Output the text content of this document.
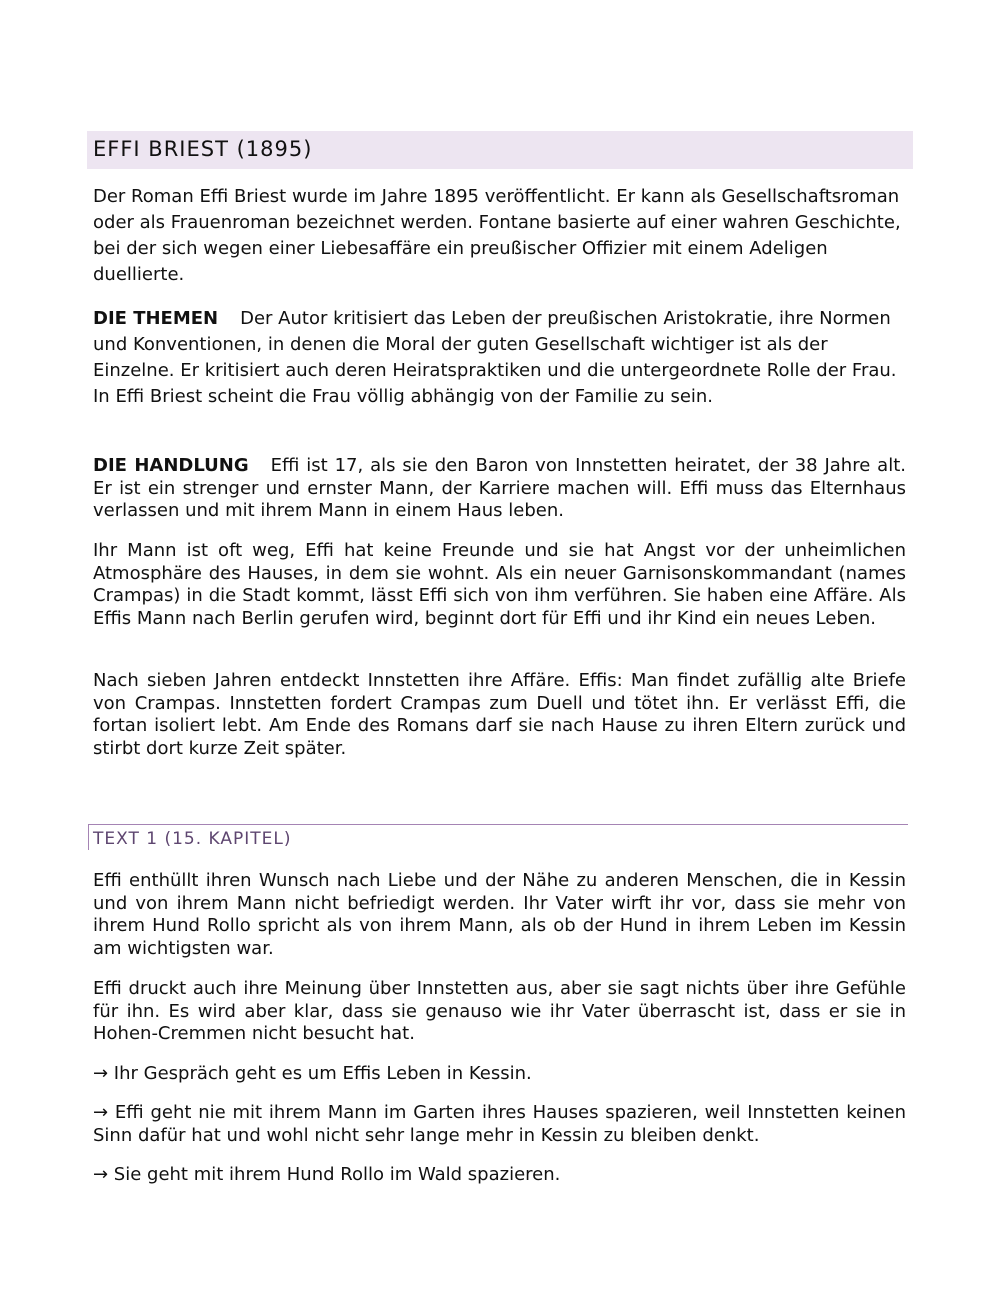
EFFI BRIEST (1895)

Der Roman Effi Briest wurde im Jahre 1895 veröffentlicht. Er kann als Gesellschaftsroman oder als Frauenroman bezeichnet werden. Fontane basierte auf einer wahren Geschichte, bei der sich wegen einer Liebesaffäre ein preußischer Offizier mit einem Adeligen duellierte.

DIE THEMEN Der Autor kritisiert das Leben der preußischen Aristokratie, ihre Normen und Konventionen, in denen die Moral der guten Gesellschaft wichtiger ist als der Einzelne. Er kritisiert auch deren Heiratspraktiken und die untergeordnete Rolle der Frau. In Effi Briest scheint die Frau völlig abhängig von der Familie zu sein.

DIE HANDLUNG Effi ist 17, als sie den Baron von Innstetten heiratet, der 38 Jahre alt. Er ist ein strenger und ernster Mann, der Karriere machen will. Effi muss das Elternhaus verlassen und mit ihrem Mann in einem Haus leben.

Ihr Mann ist oft weg, Effi hat keine Freunde und sie hat Angst vor der unheimlichen Atmosphäre des Hauses, in dem sie wohnt. Als ein neuer Garnisonskommandant (names Crampas) in die Stadt kommt, lässt Effi sich von ihm verführen. Sie haben eine Affäre. Als Effis Mann nach Berlin gerufen wird, beginnt dort für Effi und ihr Kind ein neues Leben.

Nach sieben Jahren entdeckt Innstetten ihre Affäre. Effis: Man findet zufällig alte Briefe von Crampas. Innstetten fordert Crampas zum Duell und tötet ihn. Er verlässt Effi, die fortan isoliert lebt. Am Ende des Romans darf sie nach Hause zu ihren Eltern zurück und stirbt dort kurze Zeit später.

TEXT 1 (15. KAPITEL)

Effi enthüllt ihren Wunsch nach Liebe und der Nähe zu anderen Menschen, die in Kessin und von ihrem Mann nicht befriedigt werden. Ihr Vater wirft ihr vor, dass sie mehr von ihrem Hund Rollo spricht als von ihrem Mann, als ob der Hund in ihrem Leben im Kessin am wichtigsten war.

Effi druckt auch ihre Meinung über Innstetten aus, aber sie sagt nichts über ihre Gefühle für ihn. Es wird aber klar, dass sie genauso wie ihr Vater überrascht ist, dass er sie in Hohen-Cremmen nicht besucht hat.

→ Ihr Gespräch geht es um Effis Leben in Kessin.

→ Effi geht nie mit ihrem Mann im Garten ihres Hauses spazieren, weil Innstetten keinen Sinn dafür hat und wohl nicht sehr lange mehr in Kessin zu bleiben denkt.

→ Sie geht mit ihrem Hund Rollo im Wald spazieren.
